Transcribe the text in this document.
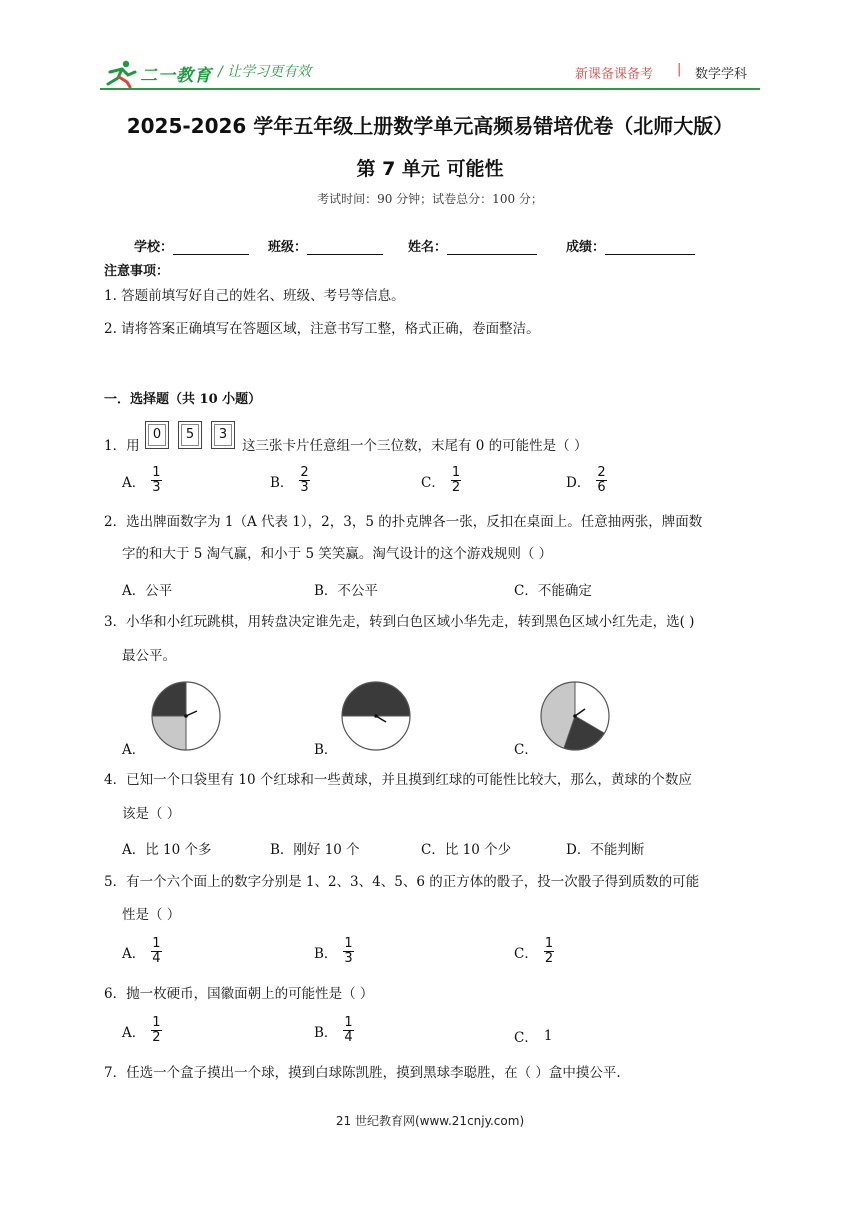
二一教育 / 让学习更有效	新课备课备考 | 数学学科
2025-2026 学年五年级上册数学单元高频易错培优卷（北师大版）
第 7 单元 可能性
考试时间：90 分钟；试卷总分：100 分；
学校：	班级：	姓名：	成绩：
注意事项：
1. 答题前填写好自己的姓名、班级、考号等信息。
2. 请将答案正确填写在答题区域，注意书写工整，格式正确，卷面整洁。
一．选择题（共 10 小题）
1．用
0	5	3
这三张卡片任意组一个三位数，末尾有 0 的可能性是（ ）
A． $\frac{1}{3}$	B． $\frac{2}{3}$	C． $\frac{1}{2}$	D． $\frac{2}{6}$
2．选出牌面数字为 1（A 代表 1），2，3，5 的扑克牌各一张，反扣在桌面上。任意抽两张，牌面数
字的和大于 5 淘气赢，和小于 5 笑笑赢。淘气设计的这个游戏规则（ ）
A．公平	B．不公平	C．不能确定
3．小华和小红玩跳棋，用转盘决定谁先走，转到白色区域小华先走，转到黑色区域小红先走，选( )
最公平。
A．	B．	C．
4．已知一个口袋里有 10 个红球和一些黄球，并且摸到红球的可能性比较大，那么，黄球的个数应
该是（ ）
A．比 10 个多	B．刚好 10 个	C．比 10 个少	D．不能判断
5．有一个六个面上的数字分别是 1、2、3、4、5、6 的正方体的骰子，投一次骰子得到质数的可能
性是（ ）
A． $\frac{1}{4}$	B． $\frac{1}{3}$	C． $\frac{1}{2}$
6．抛一枚硬币，国徽面朝上的可能性是（ ）
A． $\frac{1}{2}$	B． $\frac{1}{4}$	C． 1
7．任选一个盒子摸出一个球，摸到白球陈凯胜，摸到黑球李聪胜，在（ ）盒中摸公平.
21 世纪教育网(www.21cnjy.com)
